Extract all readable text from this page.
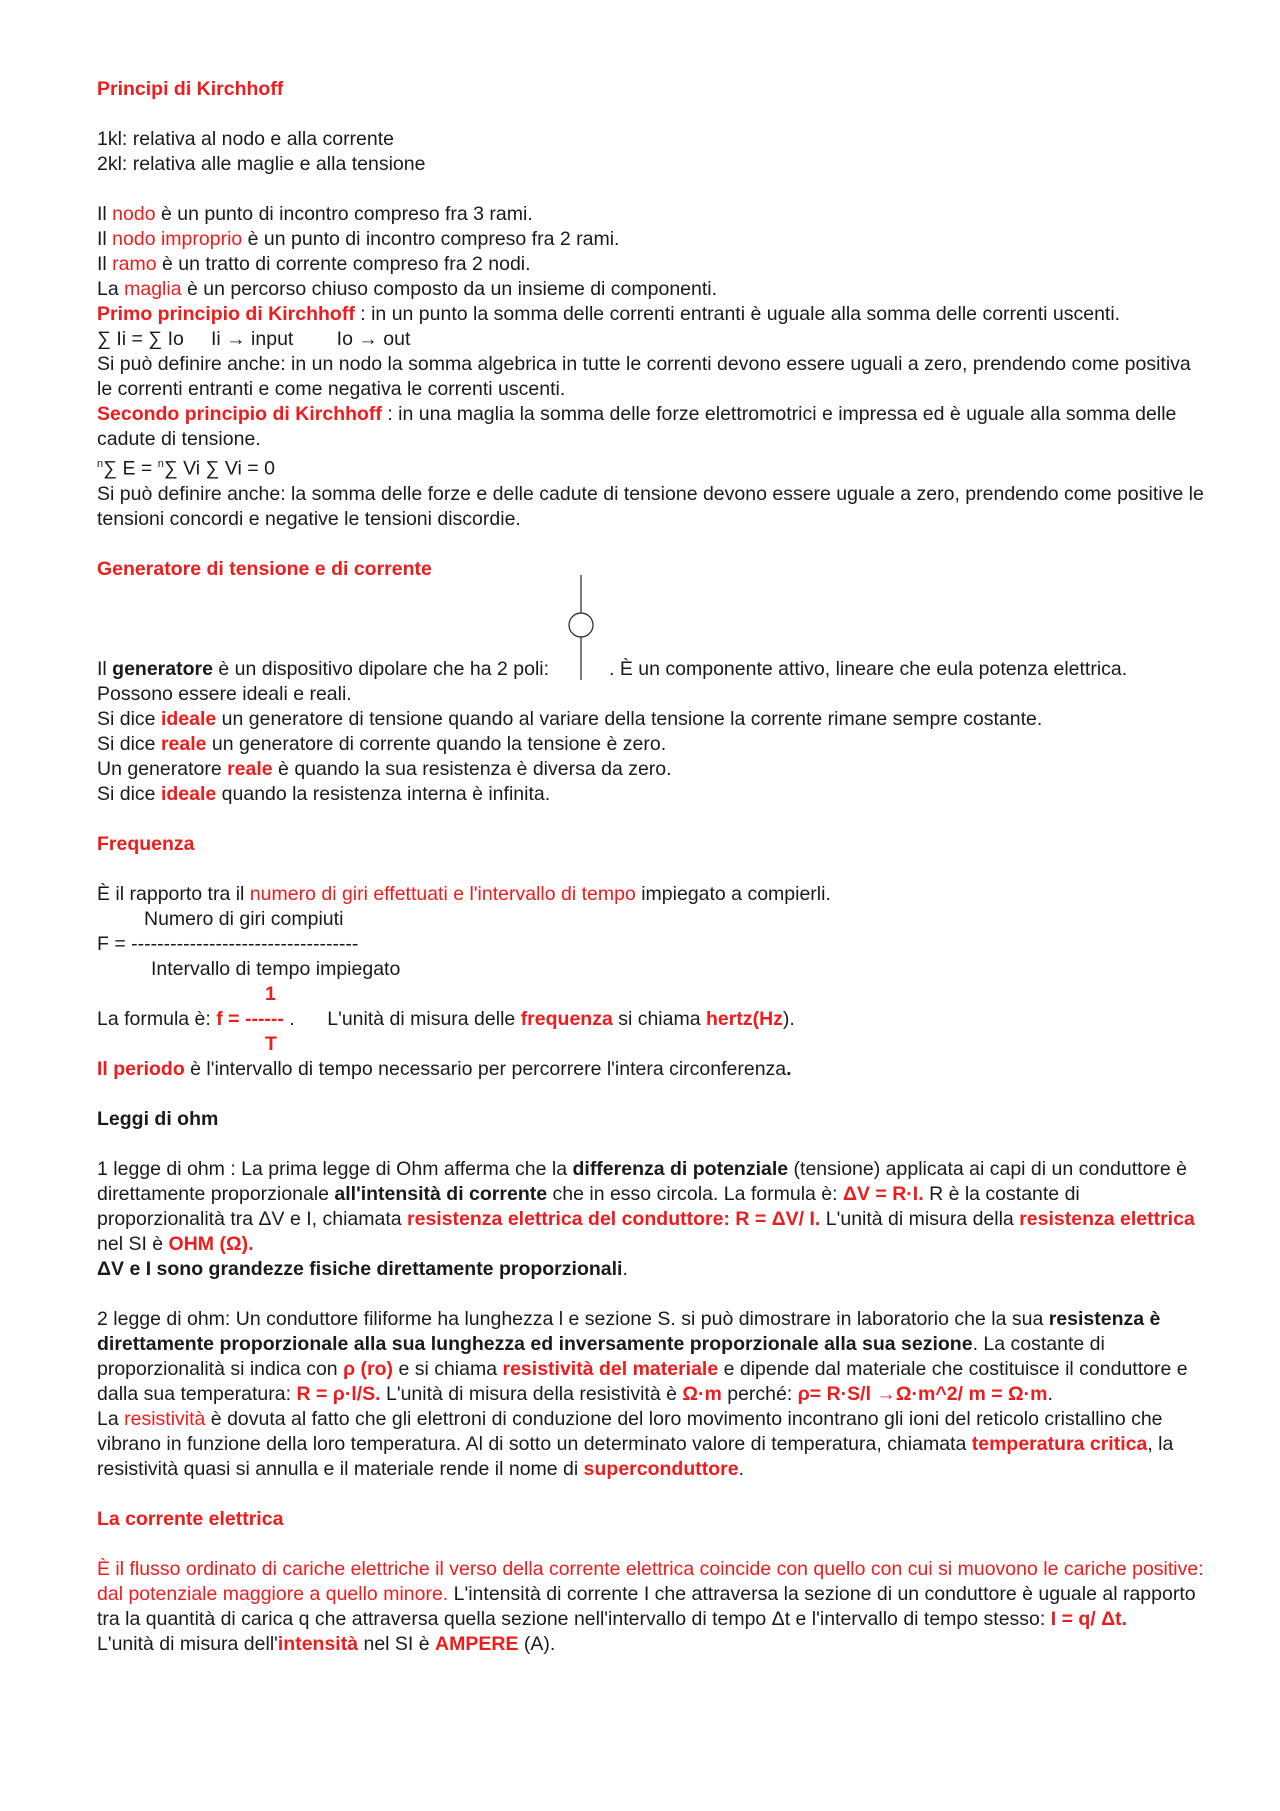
Principi di Kirchhoff

1kl: relativa al nodo e alla corrente

2kl: relativa alle maglie e alla tensione

Il nodo è un punto di incontro compreso fra 3 rami.

Il nodo improprio è un punto di incontro compreso fra 2 rami.

Il ramo è un tratto di corrente compreso fra 2 nodi.

La maglia è un percorso chiuso composto da un insieme di componenti.

Primo principio di Kirchhoff : in un punto la somma delle correnti entranti è uguale alla somma delle correnti uscenti.

∑ Ii = ∑ Io     Ii → input        Io → out

Si può definire anche: in un nodo la somma algebrica in tutte le correnti devono essere uguali a zero, prendendo come positiva le correnti entranti e come negativa le correnti uscenti.

Secondo principio di Kirchhoff : in una maglia la somma delle forze elettromotrici e impressa ed è uguale alla somma delle cadute di tensione.

$^n$∑ E = $^n$∑ Vi ∑ Vi = 0

Si può definire anche: la somma delle forze e delle cadute di tensione devono essere uguale a zero, prendendo come positive le tensioni concordi e negative le tensioni discordie.

Generatore di tensione e di corrente

Il generatore è un dispositivo dipolare che ha 2 poli:	. È un componente attivo, lineare che eula potenza elettrica. Possono essere ideali e reali.

Si dice ideale un generatore di tensione quando al variare della tensione la corrente rimane sempre costante.

Si dice reale un generatore di corrente quando la tensione è zero.

Un generatore reale è quando la sua resistenza è diversa da zero.

Si dice ideale quando la resistenza interna è infinita.

Frequenza

È il rapporto tra il numero di giri effettuati e l'intervallo di tempo impiegato a compierli.

Numero di giri compiuti

F = -----------------------------------

Intervallo di tempo impiegato

1

La formula è: f = ------ .      L'unità di misura delle frequenza si chiama hertz(Hz).

T

Il periodo è l'intervallo di tempo necessario per percorrere l'intera circonferenza.

Leggi di ohm

1 legge di ohm : La prima legge di Ohm afferma che la differenza di potenziale (tensione) applicata ai capi di un conduttore è direttamente proporzionale all'intensità di corrente che in esso circola. La formula è: ΔV = R·I. R è la costante di proporzionalità tra ΔV e I, chiamata resistenza elettrica del conduttore: R = ΔV/ I. L'unità di misura della resistenza elettrica nel SI è OHM (Ω).

ΔV e I sono grandezze fisiche direttamente proporzionali.

2 legge di ohm: Un conduttore filiforme ha lunghezza l e sezione S. si può dimostrare in laboratorio che la sua resistenza è direttamente proporzionale alla sua lunghezza ed inversamente proporzionale alla sua sezione. La costante di proporzionalità si indica con ρ (ro) e si chiama resistività del materiale e dipende dal materiale che costituisce il conduttore e dalla sua temperatura: R = ρ·l/S. L'unità di misura della resistività è Ω·m perché: ρ= R·S/l →Ω·m^2/ m = Ω·m.

La resistività è dovuta al fatto che gli elettroni di conduzione del loro movimento incontrano gli ioni del reticolo cristallino che vibrano in funzione della loro temperatura. Al di sotto un determinato valore di temperatura, chiamata temperatura critica, la resistività quasi si annulla e il materiale rende il nome di superconduttore.

La corrente elettrica

È il flusso ordinato di cariche elettriche il verso della corrente elettrica coincide con quello con cui si muovono le cariche positive: dal potenziale maggiore a quello minore. L'intensità di corrente I che attraversa la sezione di un conduttore è uguale al rapporto tra la quantità di carica q che attraversa quella sezione nell'intervallo di tempo Δt e l'intervallo di tempo stesso: I = q/ Δt.

L'unità di misura dell'intensità nel SI è AMPERE (A).
